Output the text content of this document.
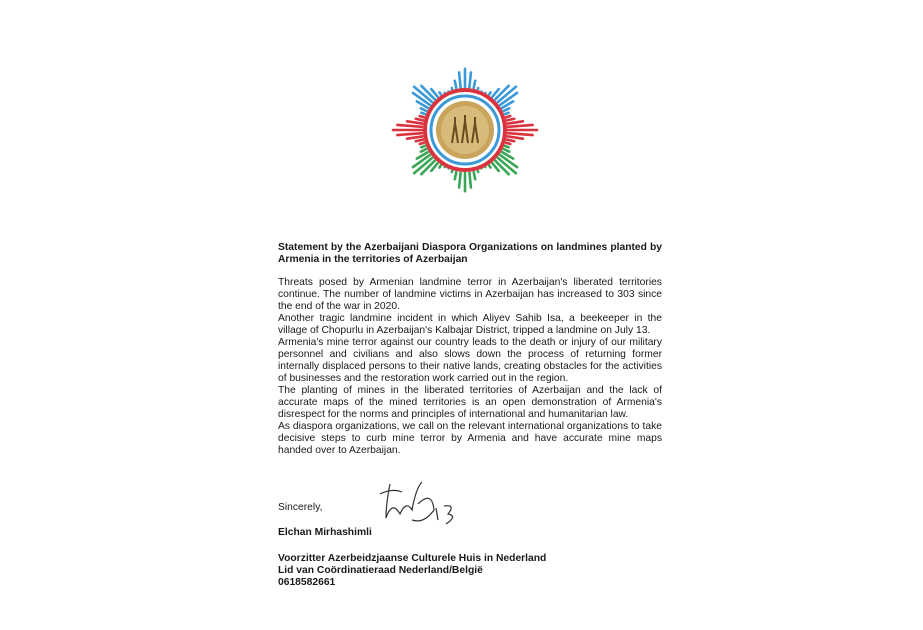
Statement by the Azerbaijani Diaspora Organizations on landmines planted by Armenia in the territories of Azerbaijan

Threats posed by Armenian landmine terror in Azerbaijan's liberated territories continue. The number of landmine victims in Azerbaijan has increased to 303 since the end of the war in 2020.

Another tragic landmine incident in which Aliyev Sahib Isa, a beekeeper in the village of Chopurlu in Azerbaijan's Kalbajar District, tripped a landmine on July 13.

Armenia's mine terror against our country leads to the death or injury of our military personnel and civilians and also slows down the process of returning former internally displaced persons to their native lands, creating obstacles for the activities of businesses and the restoration work carried out in the region.

The planting of mines in the liberated territories of Azerbaijan and the lack of accurate maps of the mined territories is an open demonstration of Armenia's disrespect for the norms and principles of international and humanitarian law.

As diaspora organizations, we call on the relevant international organizations to take decisive steps to curb mine terror by Armenia and have accurate mine maps handed over to Azerbaijan.

Sincerely,
Elchan Mirhashimli
Voorzitter Azerbeidzjaanse Culturele Huis in Nederland
Lid van Coördinatieraad Nederland/België
0618582661
